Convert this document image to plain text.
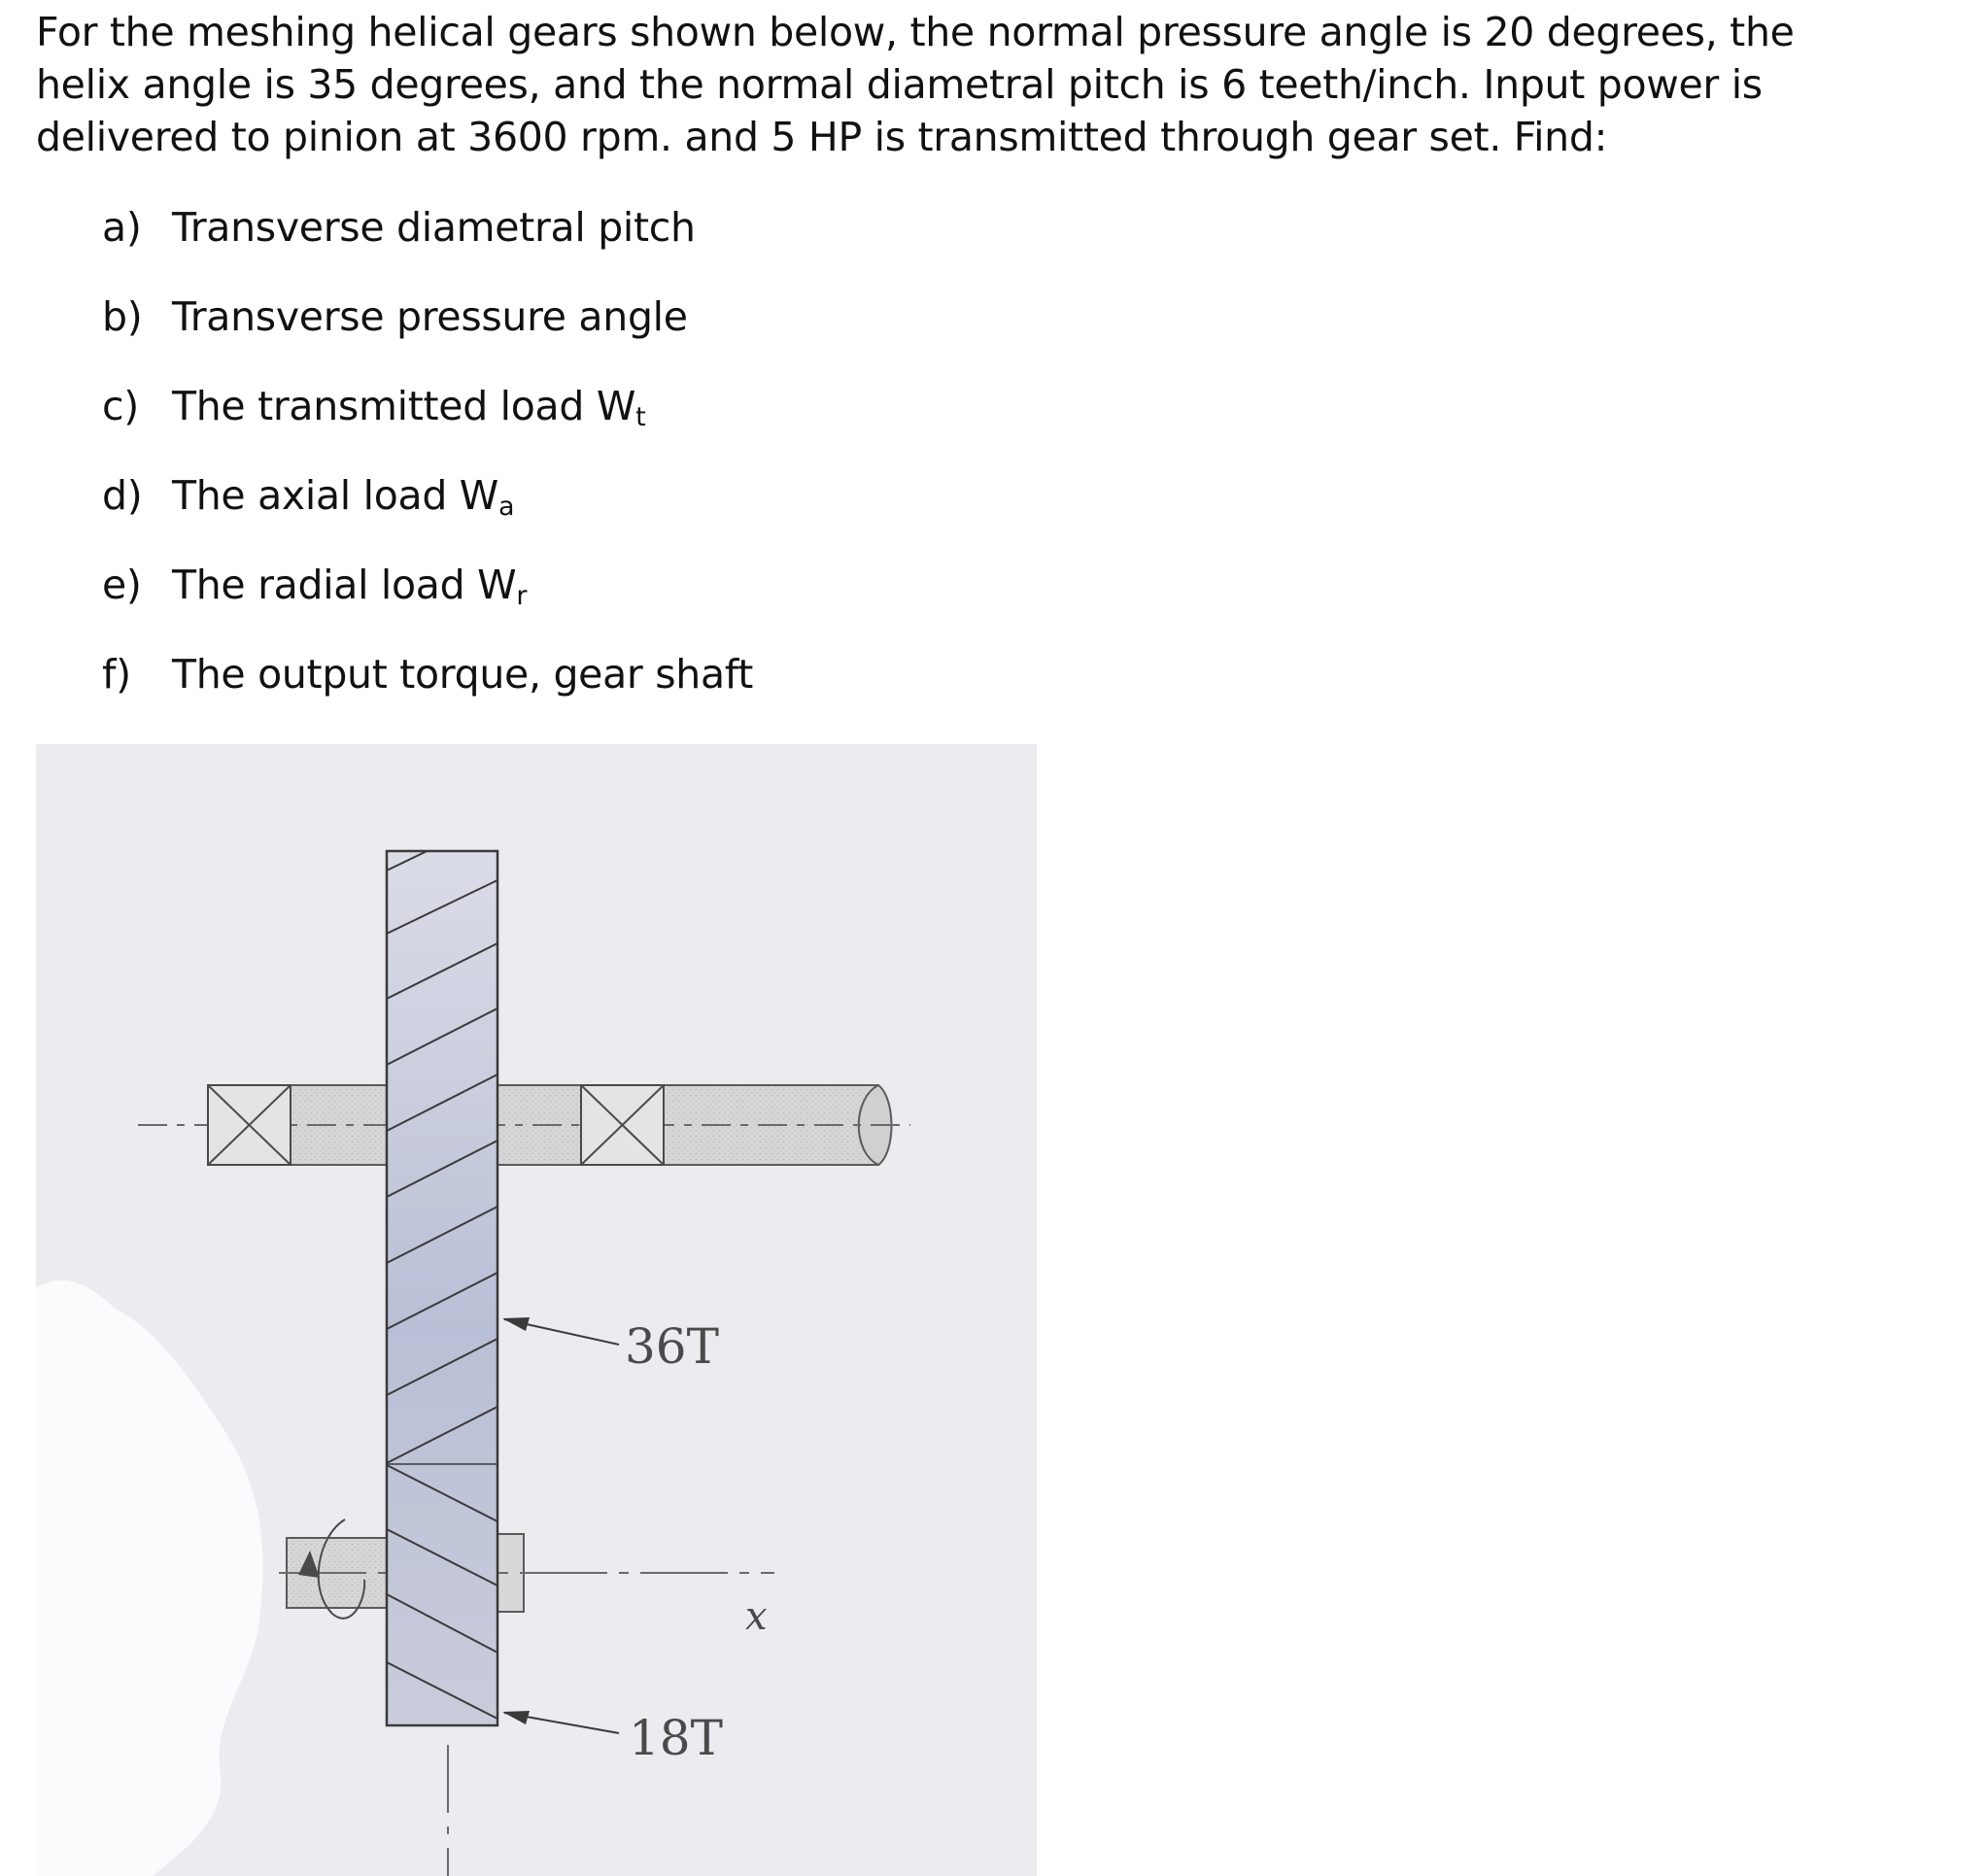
For the meshing helical gears shown below, the normal pressure angle is 20 degrees, the helix angle is 35 degrees, and the normal diametral pitch is 6 teeth/inch. Input power is delivered to pinion at 3600 rpm. and 5 HP is transmitted through gear set. Find:

a) Transverse diametral pitch
b) Transverse pressure angle
c) The transmitted load $W_t$
d) The axial load $W_a$
e) The radial load $W_r$
f) The output torque, gear shaft
36T
18T
x
